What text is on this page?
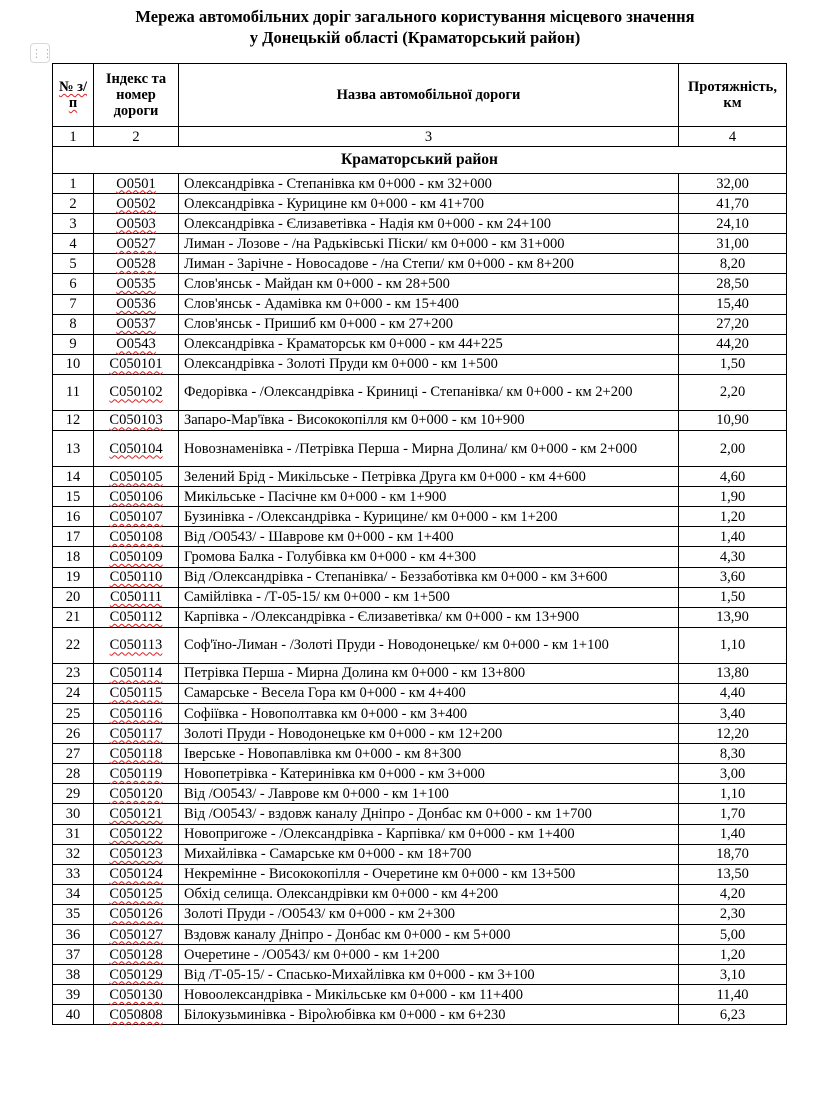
Мережа автомобільних доріг загального користування місцевого значення
у Донецькій області (Краматорський район)
⋮⋮
№ з/п	Індекс та номер дороги	Назва автомобільної дороги	Протяжність, км
1	2	3	4
Краматорський район			
1	О0501	Олександрівка - Степанівка км 0+000 - км 32+000	32,00
2	О0502	Олександрівка - Курицине км 0+000 - км 41+700	41,70
3	О0503	Олександрівка - Єлизаветівка - Надія км 0+000 - км 24+100	24,10
4	О0527	Лиман - Лозове - /на Радьківські Піски/ км 0+000 - км 31+000	31,00
5	О0528	Лиман - Зарічне - Новосадове - /на Степи/ км 0+000 - км 8+200	8,20
6	О0535	Слов'янськ - Майдан км 0+000 - км 28+500	28,50
7	О0536	Слов'янськ - Адамівка км 0+000 - км 15+400	15,40
8	О0537	Слов'янськ - Пришиб км 0+000 - км 27+200	27,20
9	О0543	Олександрівка - Краматорськ км 0+000 - км 44+225	44,20
10	С050101	Олександрівка - Золоті Пруди км 0+000 - км 1+500	1,50
11	С050102	Федорівка - /Олександрівка - Криниці - Степанівка/ км 0+000 - км 2+200	2,20
12	С050103	Запаро-Мар'ївка - Висококопілля км 0+000 - км 10+900	10,90
13	С050104	Новознаменівка - /Петрівка Перша - Мирна Долина/ км 0+000 - км 2+000	2,00
14	С050105	Зелений Брід - Микільське - Петрівка Друга км 0+000 - км 4+600	4,60
15	С050106	Микільське - Пасічне км 0+000 - км 1+900	1,90
16	С050107	Бузинівка - /Олександрівка - Курицине/ км 0+000 - км 1+200	1,20
17	С050108	Від /О0543/ - Шаврове км 0+000 - км 1+400	1,40
18	С050109	Громова Балка - Голубівка км 0+000 - км 4+300	4,30
19	С050110	Від /Олександрівка - Степанівка/ - Беззаботівка км 0+000 - км 3+600	3,60
20	С050111	Самійлівка - /Т-05-15/ км 0+000 - км 1+500	1,50
21	С050112	Карпівка - /Олександрівка - Єлизаветівка/ км 0+000 - км 13+900	13,90
22	С050113	Соф'їно-Лиман - /Золоті Пруди - Новодонецьке/ км 0+000 - км 1+100	1,10
23	С050114	Петрівка Перша - Мирна Долина км 0+000 - км 13+800	13,80
24	С050115	Самарське - Весела Гора км 0+000 - км 4+400	4,40
25	С050116	Софіївка - Новополтавка км 0+000 - км 3+400	3,40
26	С050117	Золоті Пруди - Новодонецьке км 0+000 - км 12+200	12,20
27	С050118	Іверське - Новопавлівка км 0+000 - км 8+300	8,30
28	С050119	Новопетрівка - Катеринівка км 0+000 - км 3+000	3,00
29	С050120	Від /О0543/ - Лаврове км 0+000 - км 1+100	1,10
30	С050121	Від /О0543/ - вздовж каналу Дніпро - Донбас км 0+000 - км 1+700	1,70
31	С050122	Новопригоже - /Олександрівка - Карпівка/ км 0+000 - км 1+400	1,40
32	С050123	Михайлівка - Самарське км 0+000 - км 18+700	18,70
33	С050124	Некремінне - Висококопілля - Очеретине км 0+000 - км 13+500	13,50
34	С050125	Обхід селища. Олександрівки км 0+000 - км 4+200	4,20
35	С050126	Золоті Пруди - /О0543/ км 0+000 - км 2+300	2,30
36	С050127	Вздовж каналу Дніпро - Донбас км 0+000 - км 5+000	5,00
37	С050128	Очеретине - /О0543/ км 0+000 - км 1+200	1,20
38	С050129	Від /Т-05-15/ - Спасько-Михайлівка км 0+000 - км 3+100	3,10
39	С050130	Новоолександрівка - Микільське км 0+000 - км 11+400	11,40
40	С050808	Білокузьминівка - Вірολюбівка км 0+000 - км 6+230	6,23
